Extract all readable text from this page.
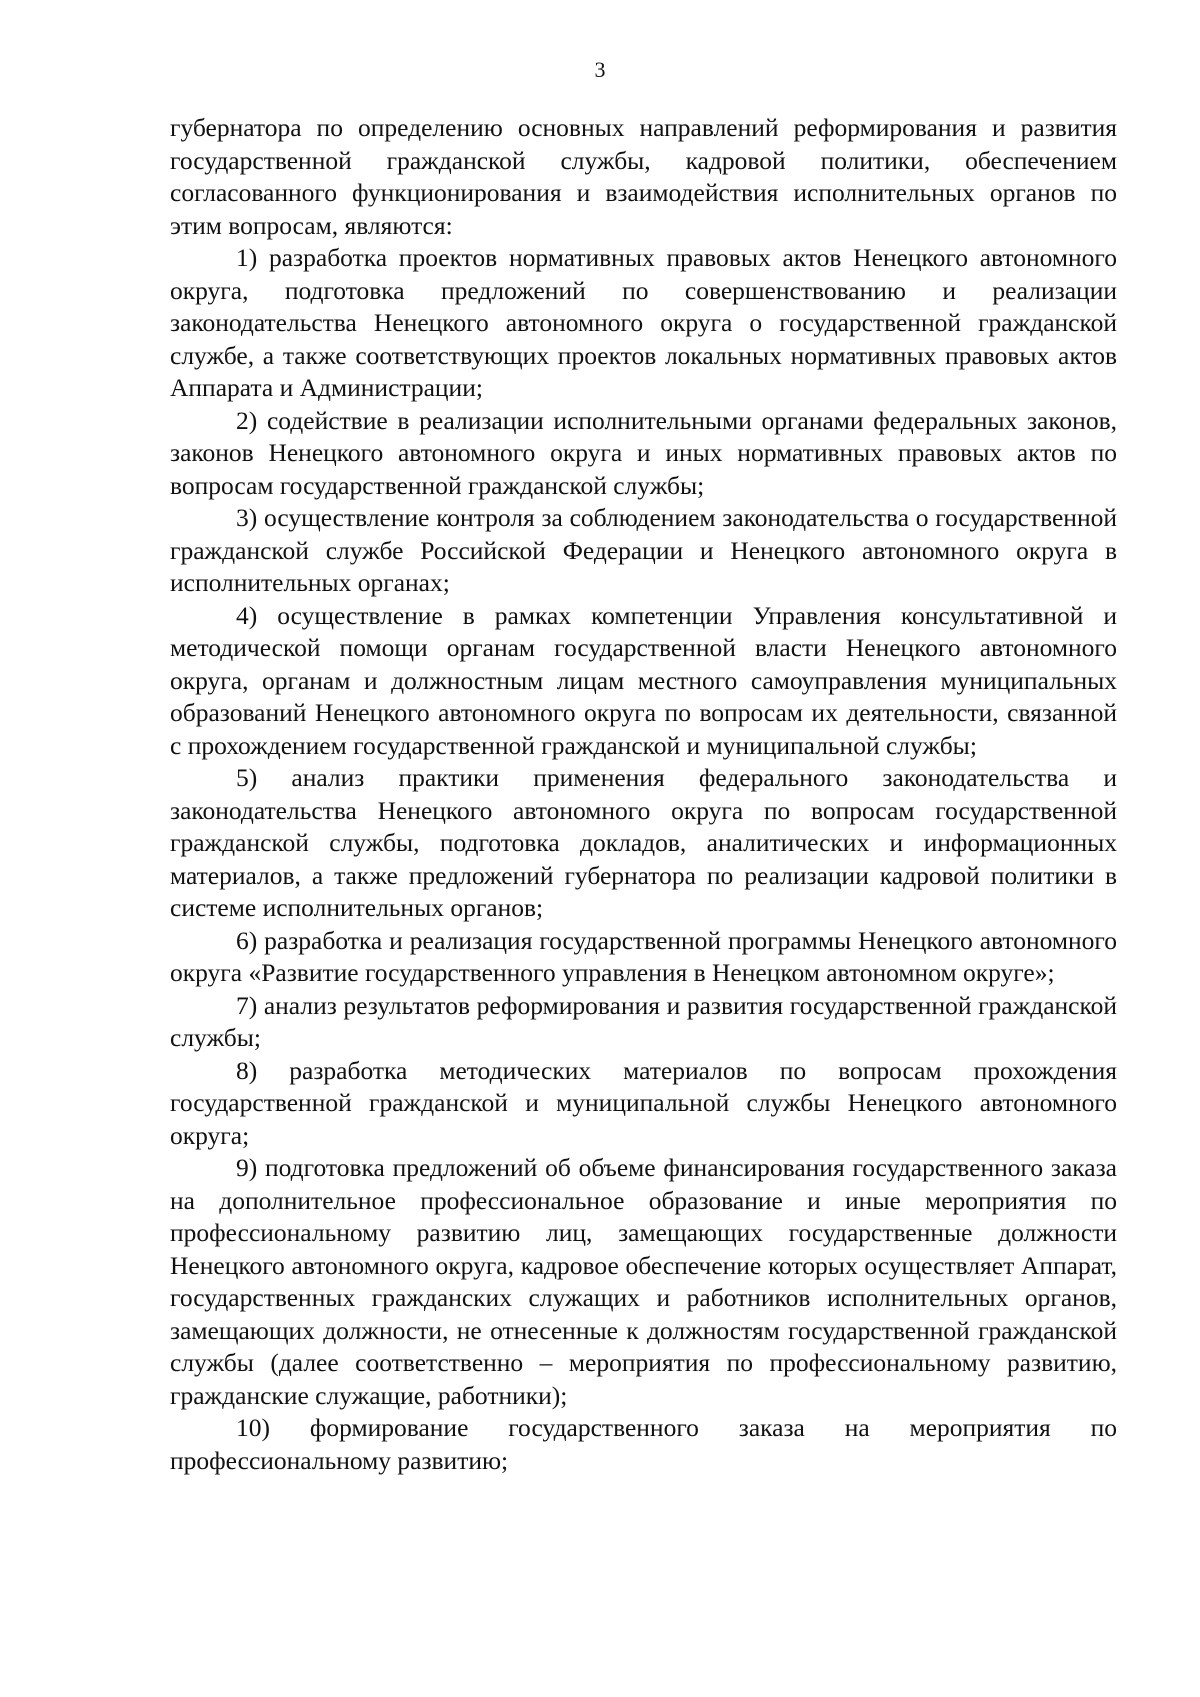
3

губернатора по определению основных направлений реформирования и развития государственной гражданской службы, кадровой политики, обеспечением согласованного функционирования и взаимодействия исполнительных органов по этим вопросам, являются:

1) разработка проектов нормативных правовых актов Ненецкого автономного округа, подготовка предложений по совершенствованию и реализации законодательства Ненецкого автономного округа о государственной гражданской службе, а также соответствующих проектов локальных нормативных правовых актов Аппарата и Администрации;

2) содействие в реализации исполнительными органами федеральных законов, законов Ненецкого автономного округа и иных нормативных правовых актов по вопросам государственной гражданской службы;

3) осуществление контроля за соблюдением законодательства о государственной гражданской службе Российской Федерации и Ненецкого автономного округа в исполнительных органах;

4) осуществление в рамках компетенции Управления консультативной и методической помощи органам государственной власти Ненецкого автономного округа, органам и должностным лицам местного самоуправления муниципальных образований Ненецкого автономного округа по вопросам их деятельности, связанной с прохождением государственной гражданской и муниципальной службы;

5) анализ практики применения федерального законодательства и законодательства Ненецкого автономного округа по вопросам государственной гражданской службы, подготовка докладов, аналитических и информационных материалов, а также предложений губернатора по реализации кадровой политики в системе исполнительных органов;

6) разработка и реализация государственной программы Ненецкого автономного округа «Развитие государственного управления в Ненецком автономном округе»;

7) анализ результатов реформирования и развития государственной гражданской службы;

8) разработка методических материалов по вопросам прохождения государственной гражданской и муниципальной службы Ненецкого автономного округа;

9) подготовка предложений об объеме финансирования государственного заказа на дополнительное профессиональное образование и иные мероприятия по профессиональному развитию лиц, замещающих государственные должности Ненецкого автономного округа, кадровое обеспечение которых осуществляет Аппарат, государственных гражданских служащих и работников исполнительных органов, замещающих должности, не отнесенные к должностям государственной гражданской службы (далее соответственно – мероприятия по профессиональному развитию, гражданские служащие, работники);

10) формирование государственного заказа на мероприятия по профессиональному развитию;
